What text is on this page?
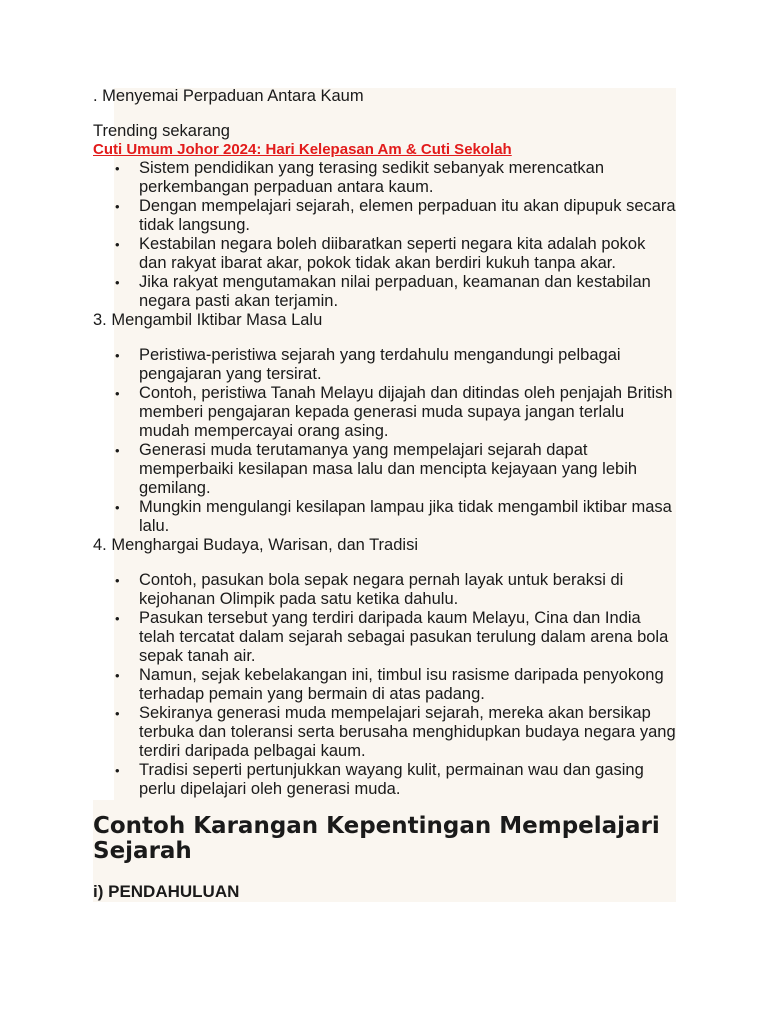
. Menyemai Perpaduan Antara Kaum

Trending sekarang
Cuti Umum Johor 2024: Hari Kelepasan Am & Cuti Sekolah
• Sistem pendidikan yang terasing sedikit sebanyak merencatkan perkembangan perpaduan antara kaum.
• Dengan mempelajari sejarah, elemen perpaduan itu akan dipupuk secara tidak langsung.
• Kestabilan negara boleh diibaratkan seperti negara kita adalah pokok dan rakyat ibarat akar, pokok tidak akan berdiri kukuh tanpa akar.
• Jika rakyat mengutamakan nilai perpaduan, keamanan dan kestabilan negara pasti akan terjamin.

3. Mengambil Iktibar Masa Lalu

• Peristiwa-peristiwa sejarah yang terdahulu mengandungi pelbagai pengajaran yang tersirat.
• Contoh, peristiwa Tanah Melayu dijajah dan ditindas oleh penjajah British memberi pengajaran kepada generasi muda supaya jangan terlalu mudah mempercayai orang asing.
• Generasi muda terutamanya yang mempelajari sejarah dapat memperbaiki kesilapan masa lalu dan mencipta kejayaan yang lebih gemilang.
• Mungkin mengulangi kesilapan lampau jika tidak mengambil iktibar masa lalu.

4. Menghargai Budaya, Warisan, dan Tradisi

• Contoh, pasukan bola sepak negara pernah layak untuk beraksi di kejohanan Olimpik pada satu ketika dahulu.
• Pasukan tersebut yang terdiri daripada kaum Melayu, Cina dan India telah tercatat dalam sejarah sebagai pasukan terulung dalam arena bola sepak tanah air.
• Namun, sejak kebelakangan ini, timbul isu rasisme daripada penyokong terhadap pemain yang bermain di atas padang.
• Sekiranya generasi muda mempelajari sejarah, mereka akan bersikap terbuka dan toleransi serta berusaha menghidupkan budaya negara yang terdiri daripada pelbagai kaum.
• Tradisi seperti pertunjukkan wayang kulit, permainan wau dan gasing perlu dipelajari oleh generasi muda.
Contoh Karangan Kepentingan Mempelajari Sejarah
i) PENDAHULUAN
